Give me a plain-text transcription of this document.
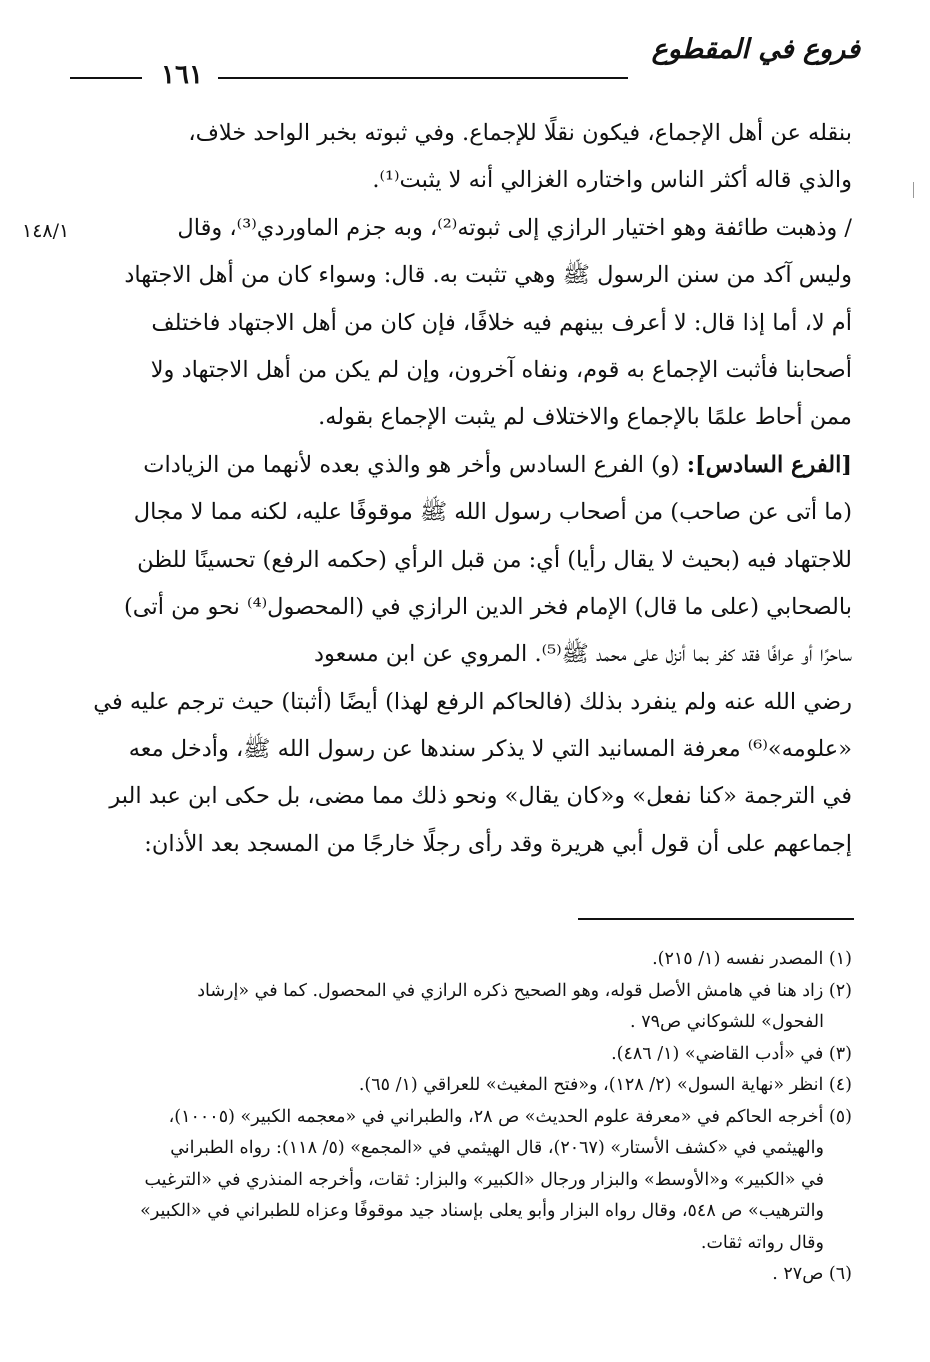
فروع في المقطوع
١٦١
١٤٨/١
بنقله عن أهل الإجماع، فيكون نقلًا للإجماع. وفي ثبوته بخبر الواحد خلاف،
والذي قاله أكثر الناس واختاره الغزالي أنه لا يثبت⁽¹⁾.
/ وذهبت طائفة وهو اختيار الرازي إلى ثبوته⁽²⁾، وبه جزم الماوردي⁽³⁾، وقال
وليس آكد من سنن الرسول ﷺ وهي تثبت به. قال: وسواء كان من أهل الاجتهاد
أم لا، أما إذا قال: لا أعرف بينهم فيه خلافًا، فإن كان من أهل الاجتهاد فاختلف
أصحابنا فأثبت الإجماع به قوم، ونفاه آخرون، وإن لم يكن من أهل الاجتهاد ولا
ممن أحاط علمًا بالإجماع والاختلاف لم يثبت الإجماع بقوله.
[الفرع السادس]: (و) الفرع السادس وأخر هو والذي بعده لأنهما من الزيادات
(ما أتى عن صاحب) من أصحاب رسول الله ﷺ موقوفًا عليه، لكنه مما لا مجال
للاجتهاد فيه (بحيث لا يقال رأيا) أي: من قبل الرأي (حكمه الرفع) تحسينًا للظن
بالصحابي (على ما قال) الإمام فخر الدين الرازي في (المحصول⁽⁴⁾ نحو من أتى)
ساحرًا أو عرافًا فقد كفر بما أنزل على محمد ﷺ⁽⁵⁾. المروي عن ابن مسعود
رضي الله عنه ولم ينفرد بذلك (فالحاكم الرفع لهذا) أيضًا (أثبتا) حيث ترجم عليه في
«علومه»⁽⁶⁾ معرفة المسانيد التي لا يذكر سندها عن رسول الله ﷺ، وأدخل معه
في الترجمة «كنا نفعل» و«كان يقال» ونحو ذلك مما مضى، بل حكى ابن عبد البر
إجماعهم على أن قول أبي هريرة وقد رأى رجلًا خارجًا من المسجد بعد الأذان:
(١) المصدر نفسه (١/ ٢١٥).
(٢) زاد هنا في هامش الأصل قوله، وهو الصحيح ذكره الرازي في المحصول. كما في «إرشاد
الفحول» للشوكاني ص٧٩ .
(٣) في «أدب القاضي» (١/ ٤٨٦).
(٤) انظر «نهاية السول» (٢/ ١٢٨)، و«فتح المغيث» للعراقي (١/ ٦٥).
(٥) أخرجه الحاكم في «معرفة علوم الحديث» ص ٢٨، والطبراني في «معجمه الكبير» (١٠٠٠٥)،
والهيثمي في «كشف الأستار» (٢٠٦٧)، قال الهيثمي في «المجمع» (٥/ ١١٨): رواه الطبراني
في «الكبير» و«الأوسط» والبزار ورجال «الكبير» والبزار: ثقات، وأخرجه المنذري في «الترغيب
والترهيب» ص ٥٤٨، وقال رواه البزار وأبو يعلى بإسناد جيد موقوفًا وعزاه للطبراني في «الكبير»
وقال رواته ثقات.
(٦) ص٢٧ .
